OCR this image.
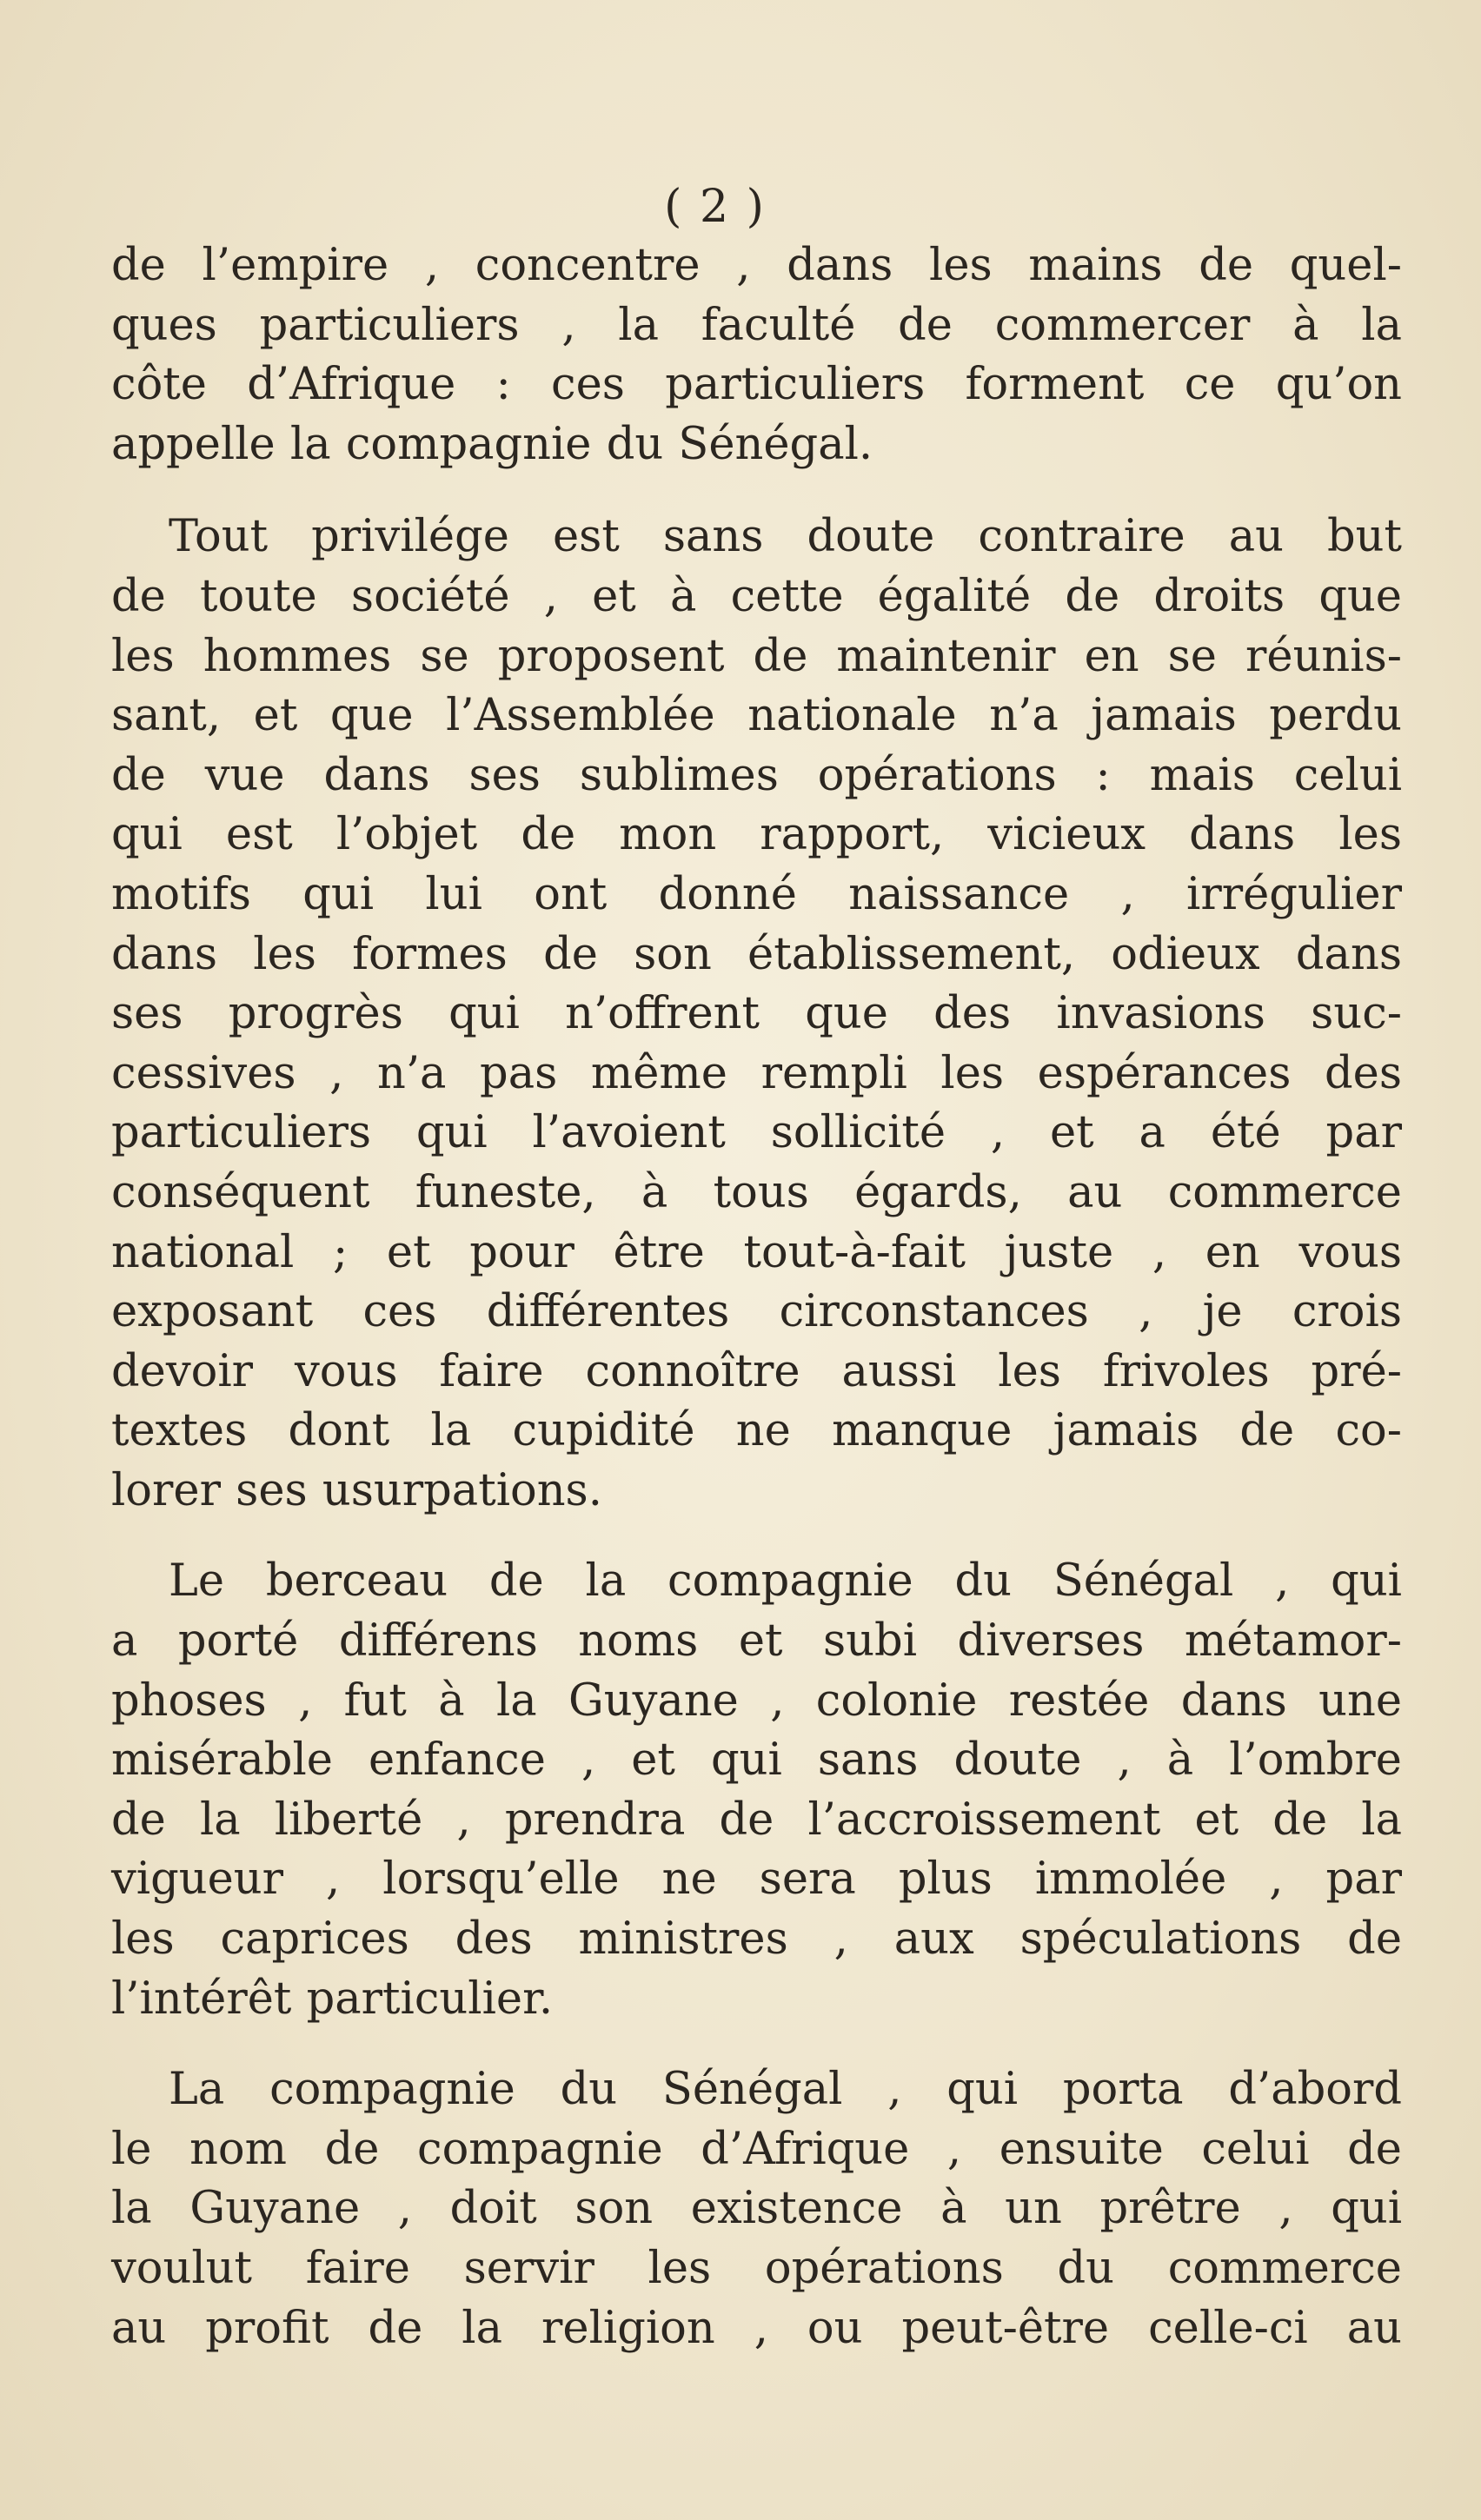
( 2 )

de l’empire , concentre , dans les mains de quel-
ques particuliers , la faculté de commercer à la
côte d’Afrique : ces particuliers forment ce qu’on
appelle la compagnie du Sénégal.

Tout privilége est sans doute contraire au but
de toute société , et à cette égalité de droits que
les hommes se proposent de maintenir en se réunis-
sant, et que l’Assemblée nationale n’a jamais perdu
de vue dans ses sublimes opérations : mais celui
qui est l’objet de mon rapport, vicieux dans les
motifs qui lui ont donné naissance , irrégulier
dans les formes de son établissement, odieux dans
ses progrès qui n’offrent que des invasions suc-
cessives , n’a pas même rempli les espérances des
particuliers qui l’avoient sollicité , et a été par
conséquent funeste, à tous égards, au commerce
national ; et pour être tout-à-fait juste , en vous
exposant ces différentes circonstances , je crois
devoir vous faire connoître aussi les frivoles pré-
textes dont la cupidité ne manque jamais de co-
lorer ses usurpations.

Le berceau de la compagnie du Sénégal , qui
a porté différens noms et subi diverses métamor-
phoses , fut à la Guyane , colonie restée dans une
misérable enfance , et qui sans doute , à l’ombre
de la liberté , prendra de l’accroissement et de la
vigueur , lorsqu’elle ne sera plus immolée , par
les caprices des ministres , aux spéculations de
l’intérêt particulier.

La compagnie du Sénégal , qui porta d’abord
le nom de compagnie d’Afrique , ensuite celui de
la Guyane , doit son existence à un prêtre , qui
voulut faire servir les opérations du commerce
au profit de la religion , ou peut-être celle-ci au
